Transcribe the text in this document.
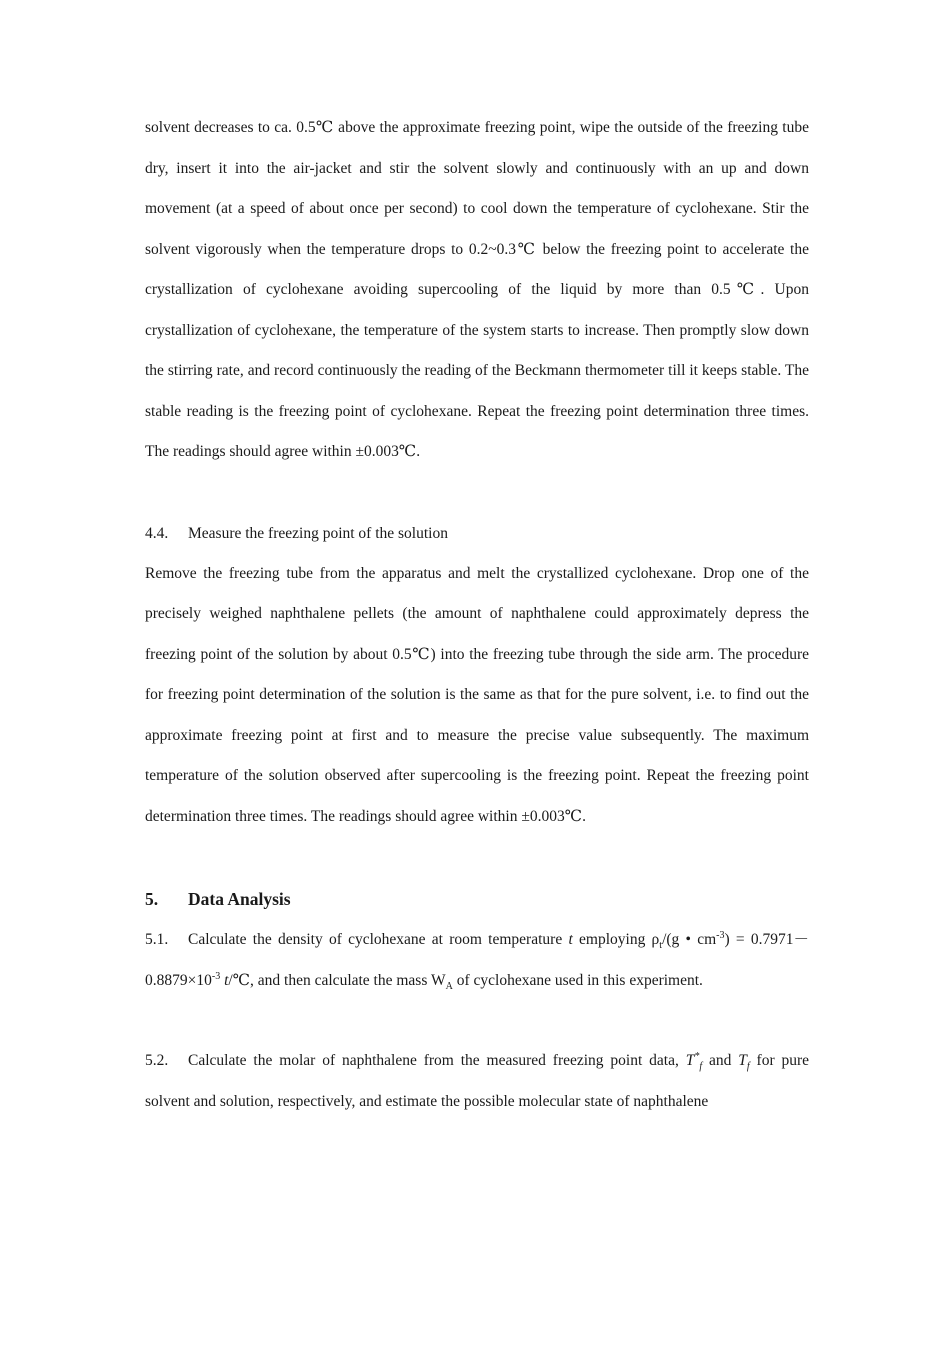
solvent decreases to ca. 0.5℃ above the approximate freezing point, wipe the outside of the freezing tube dry, insert it into the air-jacket and stir the solvent slowly and continuously with an up and down movement (at a speed of about once per second) to cool down the temperature of cyclohexane. Stir the solvent vigorously when the temperature drops to 0.2~0.3℃ below the freezing point to accelerate the crystallization of cyclohexane avoiding supercooling of the liquid by more than 0.5℃. Upon crystallization of cyclohexane, the temperature of the system starts to increase. Then promptly slow down the stirring rate, and record continuously the reading of the Beckmann thermometer till it keeps stable. The stable reading is the freezing point of cyclohexane. Repeat the freezing point determination three times. The readings should agree within ±0.003℃.

4.4. Measure the freezing point of the solution

Remove the freezing tube from the apparatus and melt the crystallized cyclohexane. Drop one of the precisely weighed naphthalene pellets (the amount of naphthalene could approximately depress the freezing point of the solution by about 0.5℃) into the freezing tube through the side arm. The procedure for freezing point determination of the solution is the same as that for the pure solvent, i.e. to find out the approximate freezing point at first and to measure the precise value subsequently. The maximum temperature of the solution observed after supercooling is the freezing point. Repeat the freezing point determination three times. The readings should agree within ±0.003℃.

5. Data Analysis

5.1. Calculate the density of cyclohexane at room temperature t employing $\rho_t/(g$ • $cm^{-3}) = 0.7971-0.8879\times 10^{-3}$ t/℃, and then calculate the mass $W_A$ of cyclohexane used in this experiment.

5.2. Calculate the molar of naphthalene from the measured freezing point data, $T^*_f$ and $T_f$ for pure solvent and solution, respectively, and estimate the possible molecular state of naphthalene
